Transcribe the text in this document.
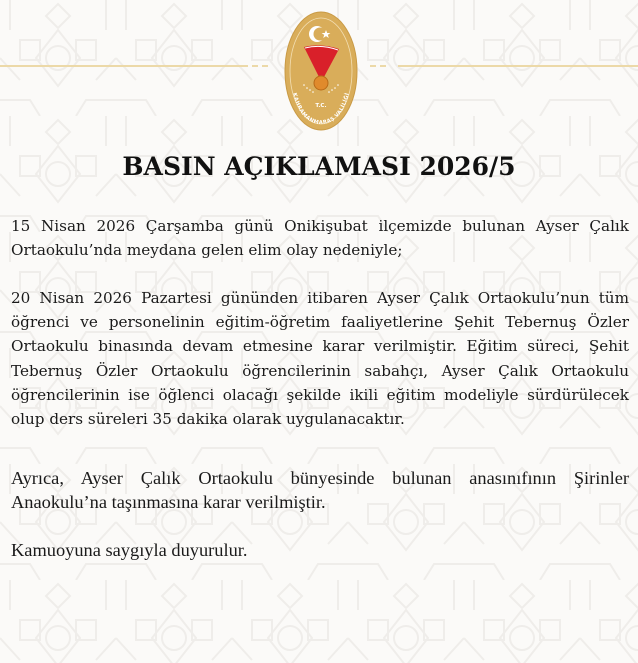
T.C.
KAHRAMANMARAŞ VALİLİĞİ
BASIN AÇIKLAMASI 2026/5

15 Nisan 2026 Çarşamba günü Onikişubat ilçemizde bulunan Ayser Çalık Ortaokulu’nda meydana gelen elim olay nedeniyle;

20 Nisan 2026 Pazartesi gününden itibaren Ayser Çalık Ortaokulu’nun tüm öğrenci ve personelinin eğitim-öğretim faaliyetlerine Şehit Tebernuş Özler Ortaokulu binasında devam etmesine karar verilmiştir. Eğitim süreci, Şehit Tebernuş Özler Ortaokulu öğrencilerinin sabahçı, Ayser Çalık Ortaokulu öğrencilerinin ise öğlenci olacağı şekilde ikili eğitim modeliyle sürdürülecek olup ders süreleri 35 dakika olarak uygulanacaktır.

Ayrıca, Ayser Çalık Ortaokulu bünyesinde bulunan anasınıfının Şirinler Anaokulu’na taşınmasına karar verilmiştir.

Kamuoyuna saygıyla duyurulur.
